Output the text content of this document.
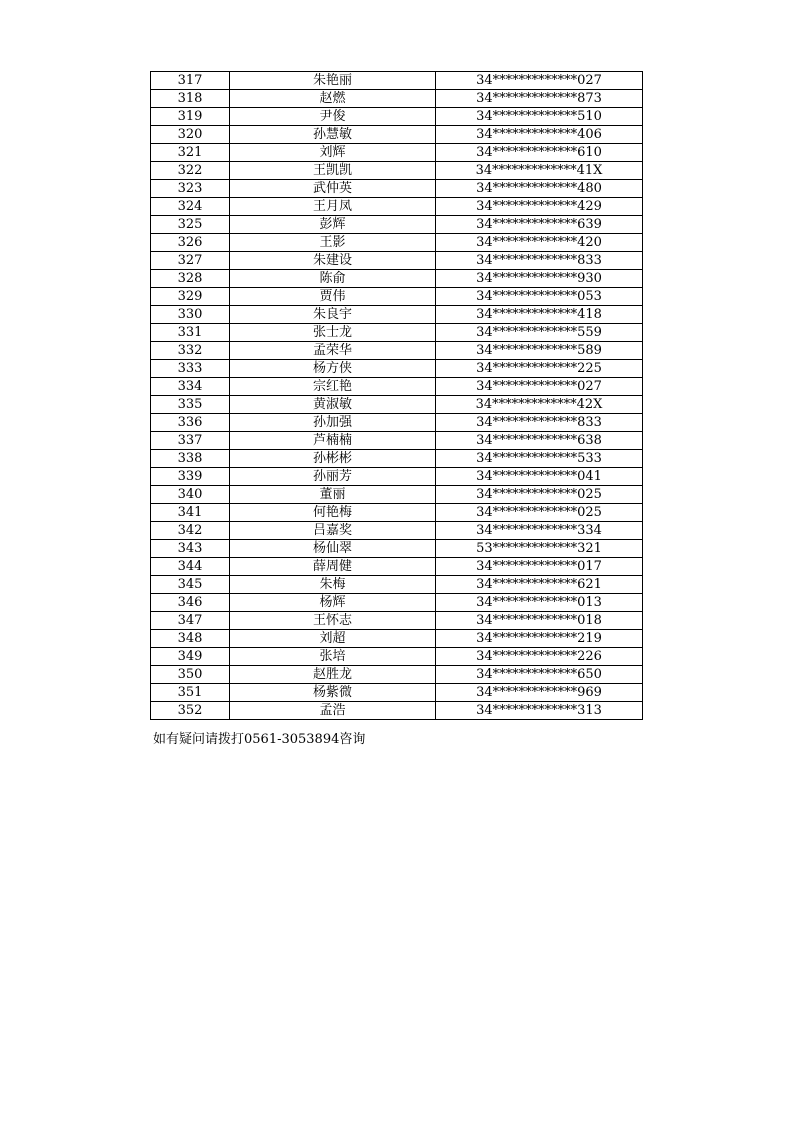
317	朱艳丽	34*************027
318	赵燃	34*************873
319	尹俊	34*************510
320	孙慧敏	34*************406
321	刘辉	34*************610
322	王凯凯	34*************41X
323	武仲英	34*************480
324	王月凤	34*************429
325	彭辉	34*************639
326	王影	34*************420
327	朱建设	34*************833
328	陈俞	34*************930
329	贾伟	34*************053
330	朱良宇	34*************418
331	张士龙	34*************559
332	孟荣华	34*************589
333	杨方侠	34*************225
334	宗红艳	34*************027
335	黄淑敏	34*************42X
336	孙加强	34*************833
337	芦楠楠	34*************638
338	孙彬彬	34*************533
339	孙丽芳	34*************041
340	董丽	34*************025
341	何艳梅	34*************025
342	吕嘉奖	34*************334
343	杨仙翠	53*************321
344	薛周健	34*************017
345	朱梅	34*************621
346	杨辉	34*************013
347	王怀志	34*************018
348	刘超	34*************219
349	张培	34*************226
350	赵胜龙	34*************650
351	杨紫微	34*************969
352	孟浩	34*************313
如有疑问请拨打0561-3053894咨询
